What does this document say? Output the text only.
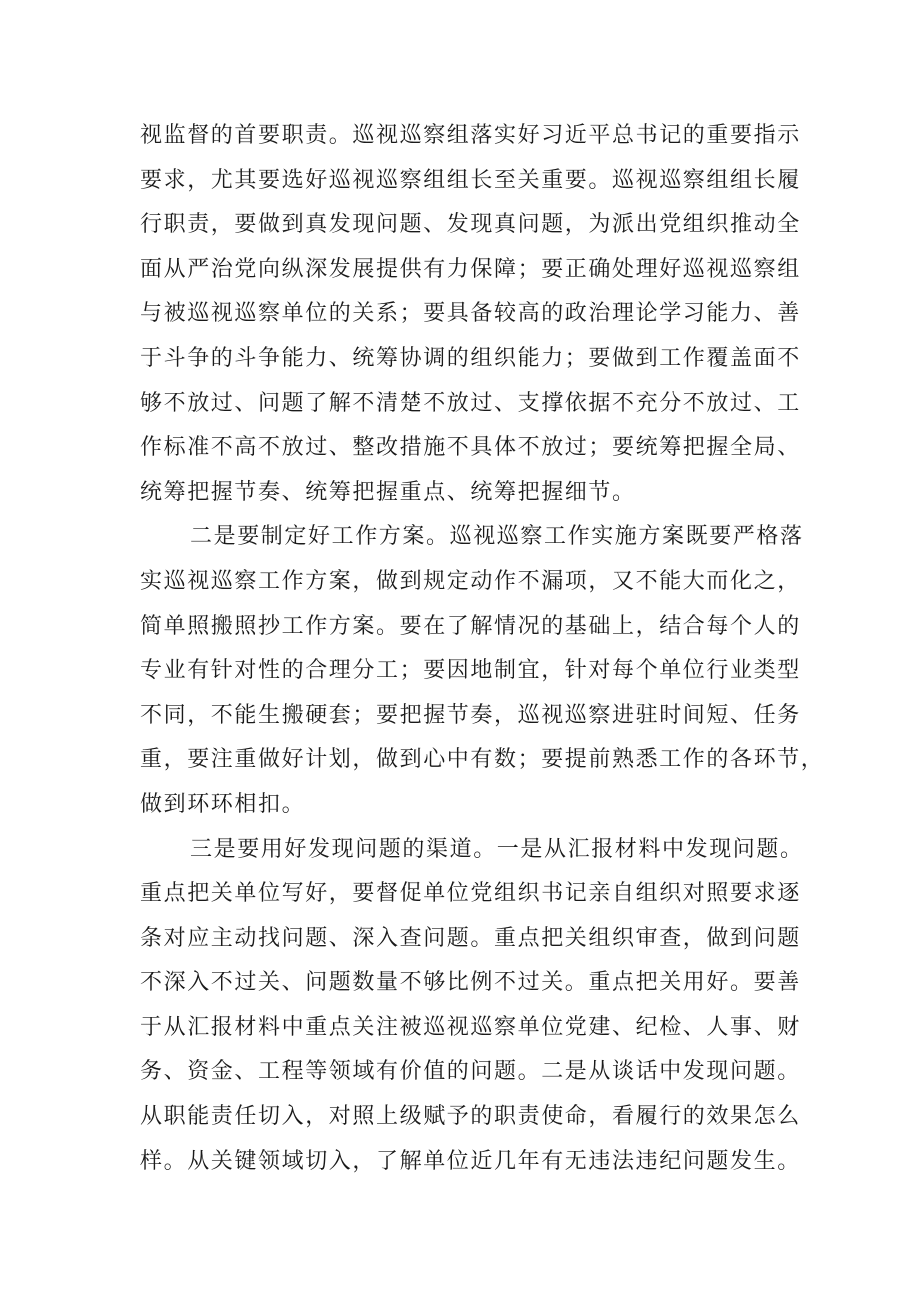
视监督的首要职责。巡视巡察组落实好习近平总书记的重要指示
要求，尤其要选好巡视巡察组组长至关重要。巡视巡察组组长履
行职责，要做到真发现问题、发现真问题，为派出党组织推动全
面从严治党向纵深发展提供有力保障；要正确处理好巡视巡察组
与被巡视巡察单位的关系；要具备较高的政治理论学习能力、善
于斗争的斗争能力、统筹协调的组织能力；要做到工作覆盖面不
够不放过、问题了解不清楚不放过、支撑依据不充分不放过、工
作标准不高不放过、整改措施不具体不放过；要统筹把握全局、
统筹把握节奏、统筹把握重点、统筹把握细节。
二是要制定好工作方案。巡视巡察工作实施方案既要严格落
实巡视巡察工作方案，做到规定动作不漏项，又不能大而化之，
简单照搬照抄工作方案。要在了解情况的基础上，结合每个人的
专业有针对性的合理分工；要因地制宜，针对每个单位行业类型
不同，不能生搬硬套；要把握节奏，巡视巡察进驻时间短、任务
重，要注重做好计划，做到心中有数；要提前熟悉工作的各环节，
做到环环相扣。
三是要用好发现问题的渠道。一是从汇报材料中发现问题。
重点把关单位写好，要督促单位党组织书记亲自组织对照要求逐
条对应主动找问题、深入查问题。重点把关组织审查，做到问题
不深入不过关、问题数量不够比例不过关。重点把关用好。要善
于从汇报材料中重点关注被巡视巡察单位党建、纪检、人事、财
务、资金、工程等领域有价值的问题。二是从谈话中发现问题。
从职能责任切入，对照上级赋予的职责使命，看履行的效果怎么
样。从关键领域切入，了解单位近几年有无违法违纪问题发生。
